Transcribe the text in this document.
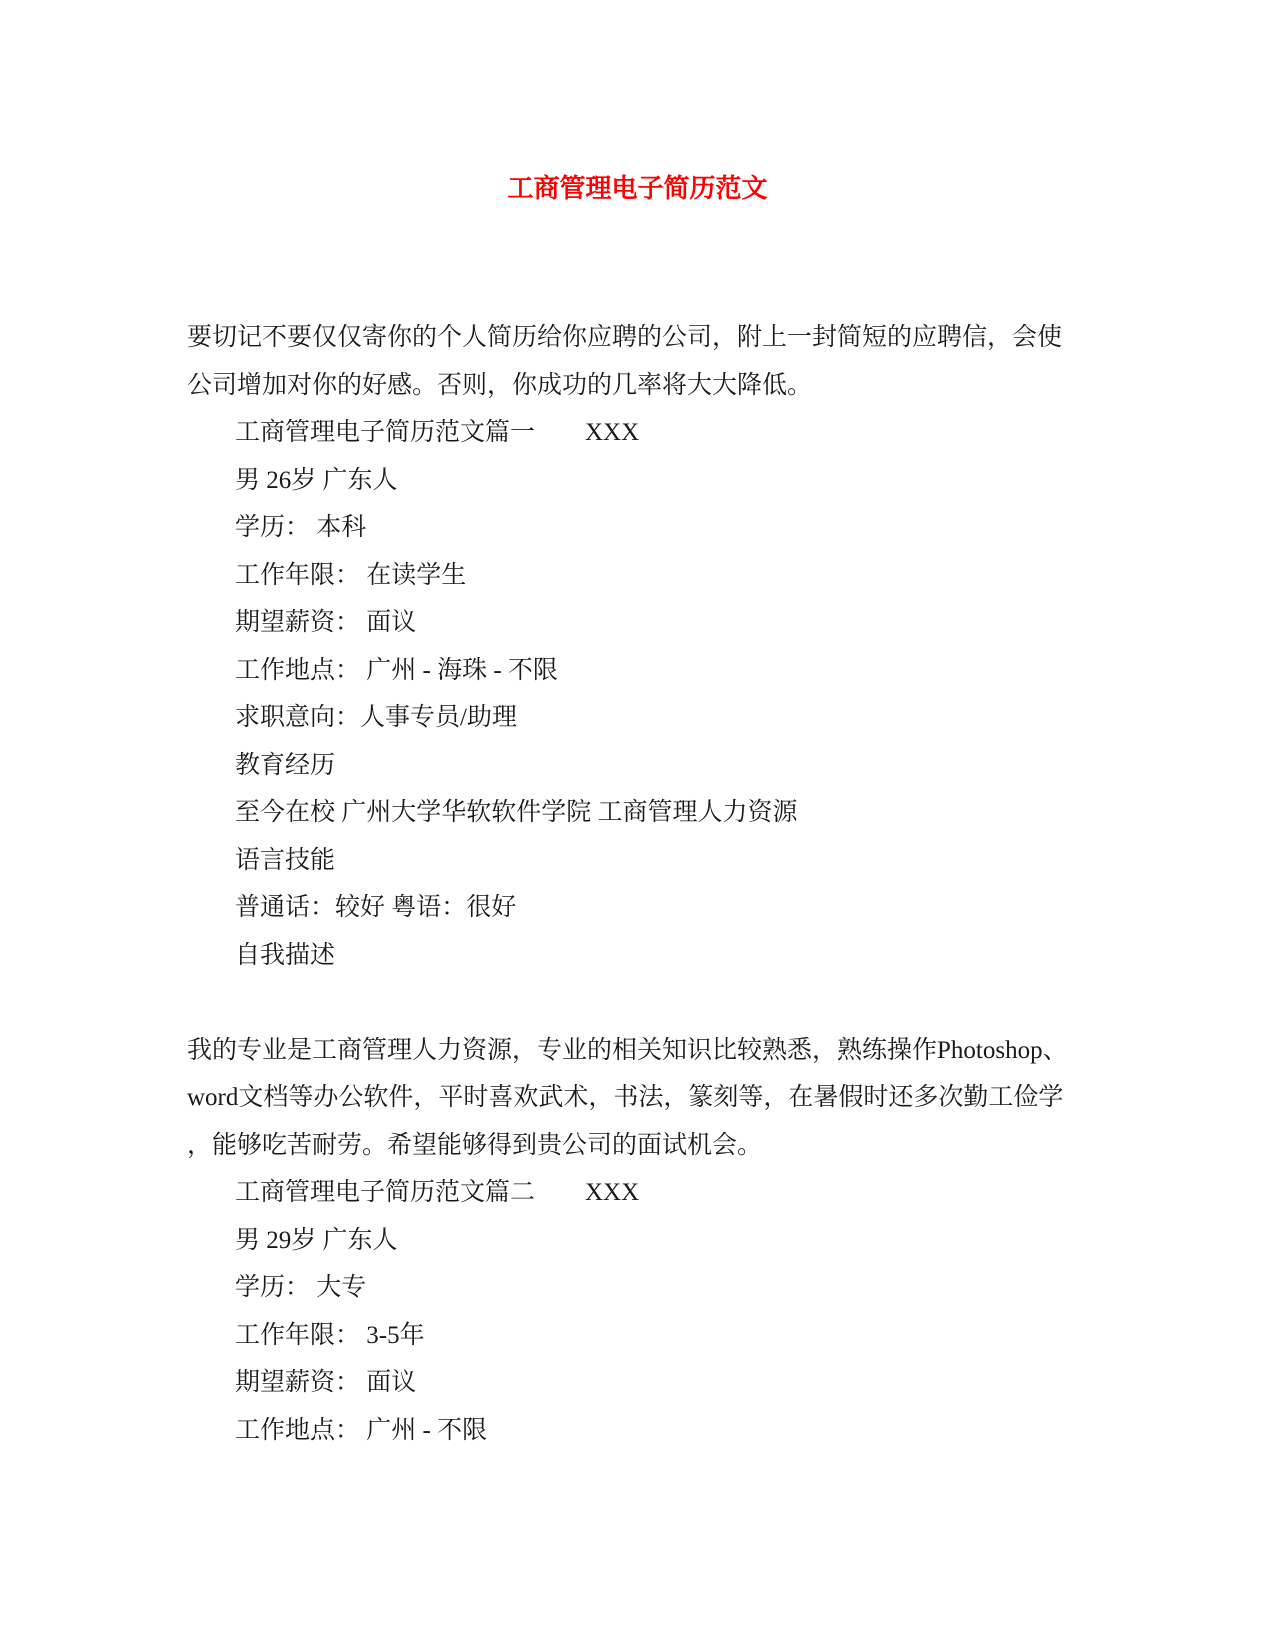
工商管理电子简历范文
要切记不要仅仅寄你的个人简历给你应聘的公司，附上一封简短的应聘信，会使
公司增加对你的好感。否则，你成功的几率将大大降低。
工商管理电子简历范文篇一　　XXX
男 26岁 广东人
学历： 本科
工作年限： 在读学生
期望薪资： 面议
工作地点： 广州 - 海珠 - 不限
求职意向：人事专员/助理
教育经历
至今在校 广州大学华软软件学院 工商管理人力资源
语言技能
普通话：较好 粤语：很好
自我描述
我的专业是工商管理人力资源，专业的相关知识比较熟悉，熟练操作Photoshop、
word文档等办公软件，平时喜欢武术，书法，篆刻等，在暑假时还多次勤工俭学
，能够吃苦耐劳。希望能够得到贵公司的面试机会。
工商管理电子简历范文篇二　　XXX
男 29岁 广东人
学历： 大专
工作年限： 3-5年
期望薪资： 面议
工作地点： 广州 - 不限
